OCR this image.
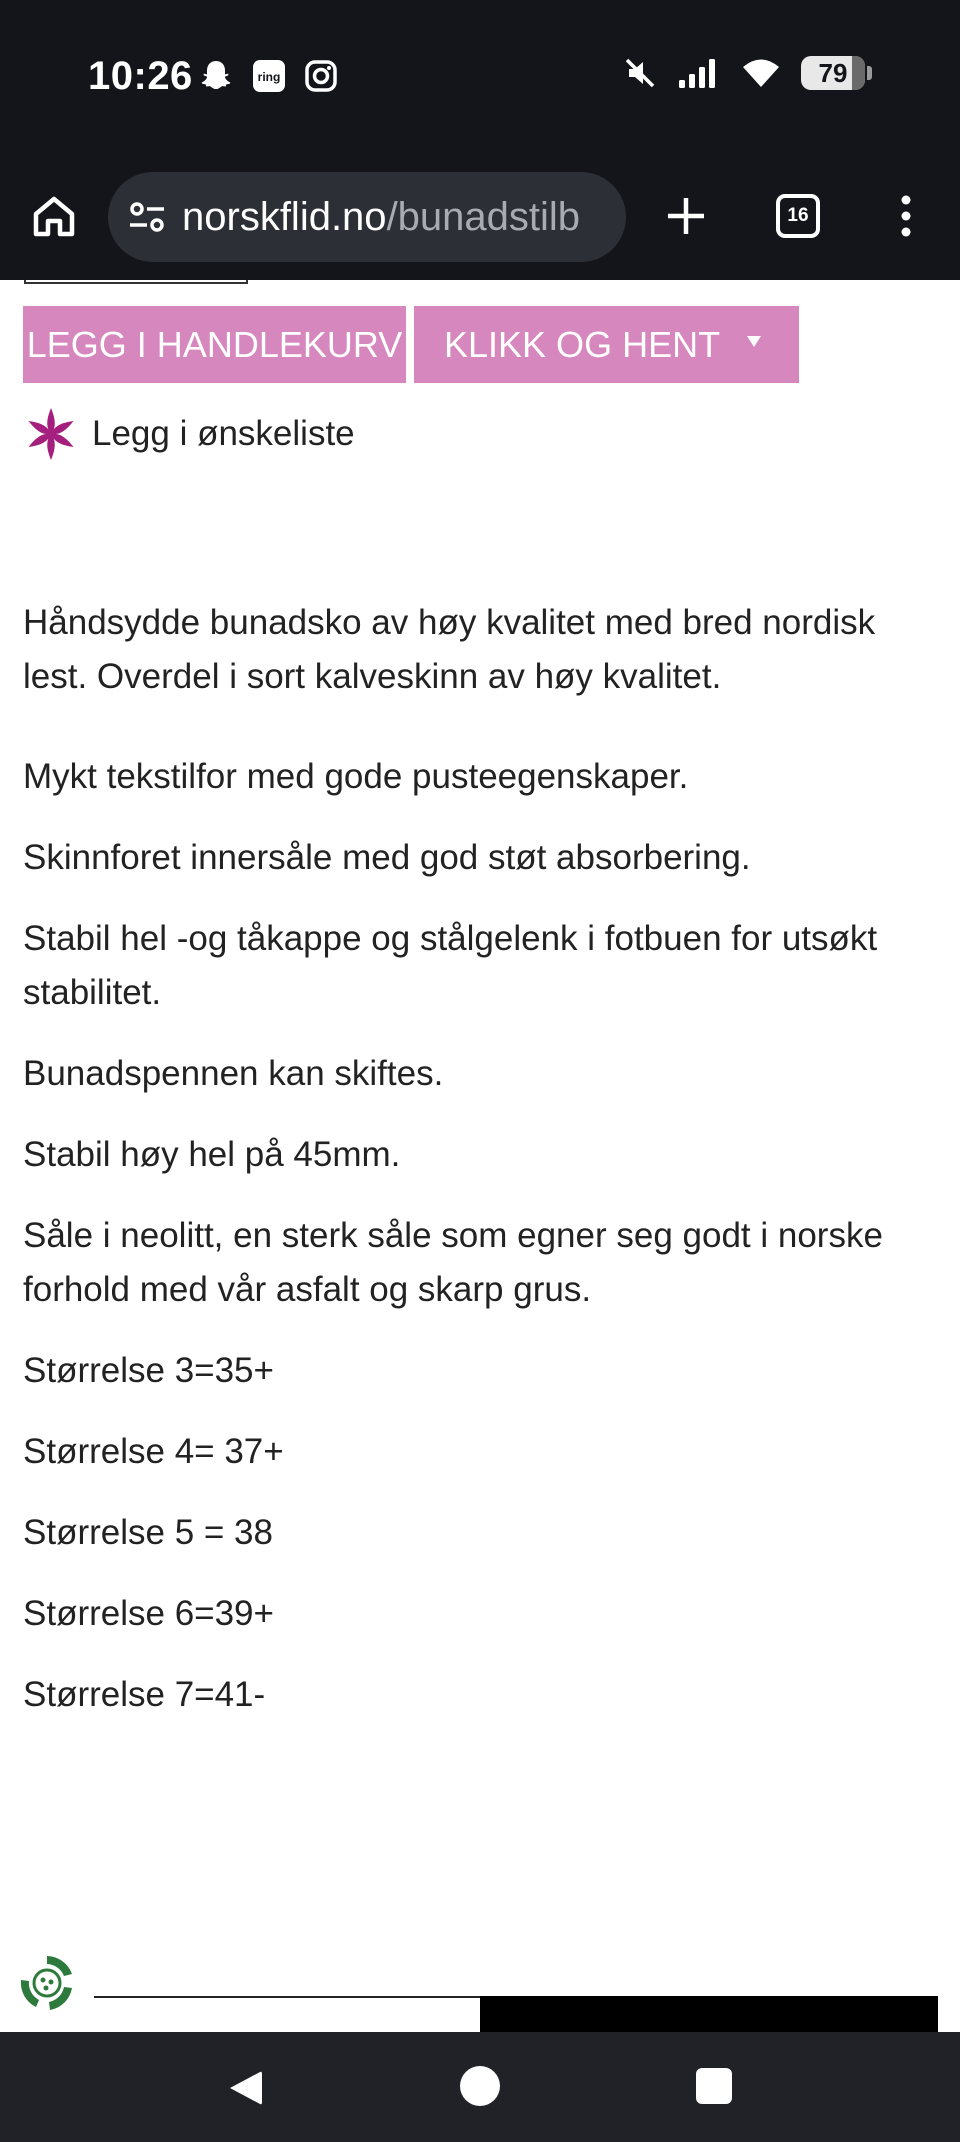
10:26	ring	79
norskflid.no/bunadstilb	16
LEGG I HANDLEKURV KLIKK OG HENT
Legg i ønskeliste

Håndsydde bunadsko av høy kvalitet med bred nordisk lest. Overdel i sort kalveskinn av høy kvalitet.

Mykt tekstilfor med gode pusteegenskaper.

Skinnforet innersåle med god støt absorbering.

Stabil hel -og tåkappe og stålgelenk i fotbuen for utsøkt stabilitet.

Bunadspennen kan skiftes.

Stabil høy hel på 45mm.

Såle i neolitt, en sterk såle som egner seg godt i norske forhold med vår asfalt og skarp grus.

Størrelse 3=35+

Størrelse 4= 37+

Størrelse 5 = 38

Størrelse 6=39+

Størrelse 7=41-
